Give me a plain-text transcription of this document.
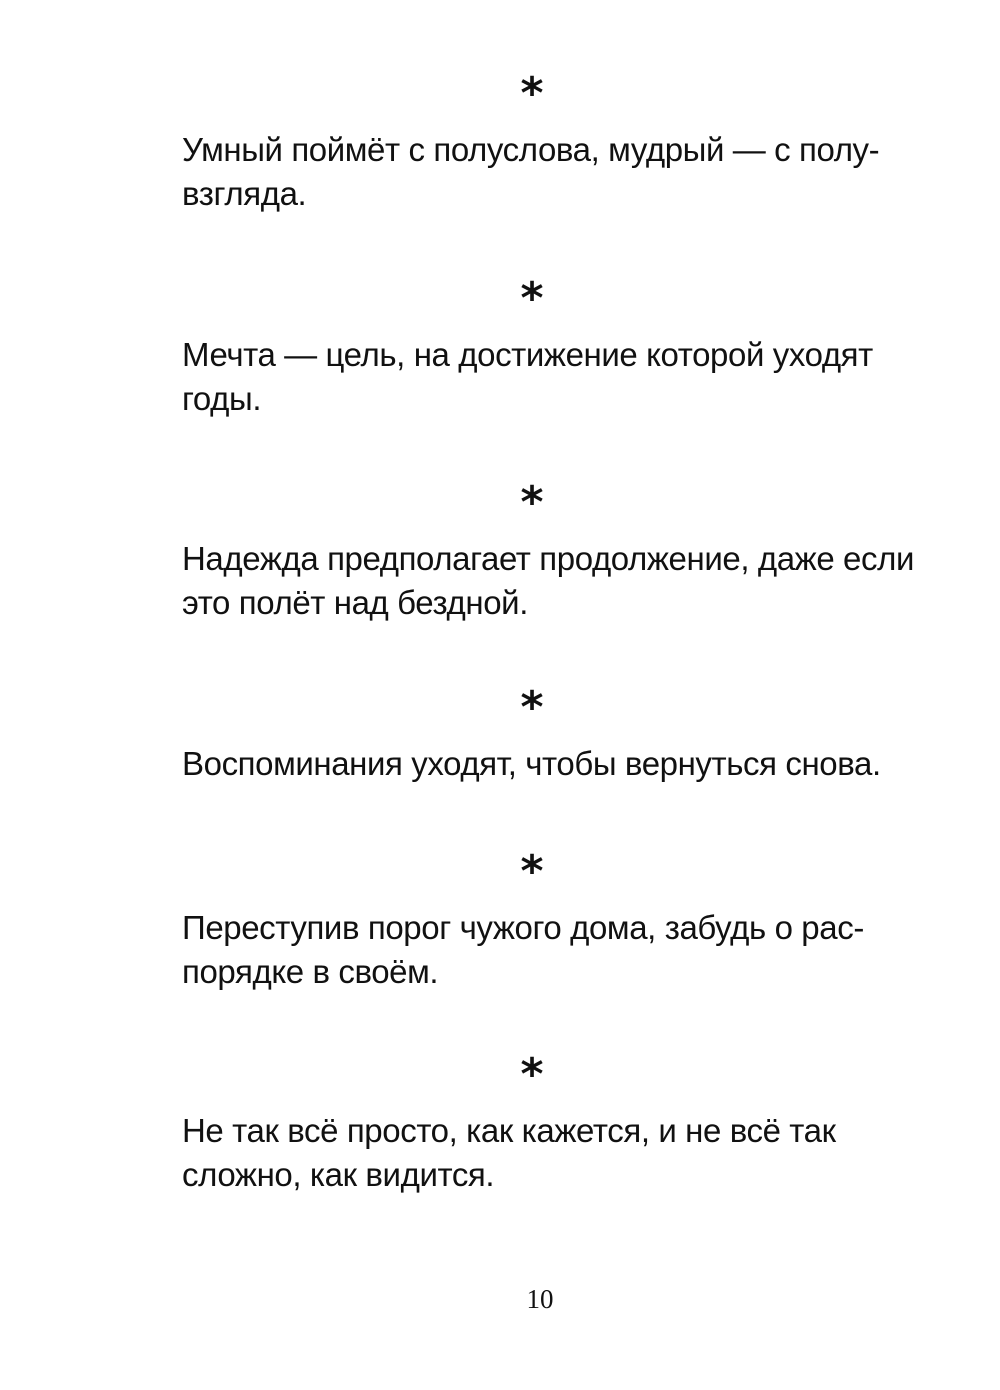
*

Умный поймёт с полуслова, мудрый — с полу-
взгляда.

*

Мечта — цель, на достижение которой уходят
годы.

*

Надежда предполагает продолжение, даже если
это полёт над бездной.

*

Воспоминания уходят, чтобы вернуться снова.

*

Переступив порог чужого дома, забудь о рас-
порядке в своём.

*

Не так всё просто, как кажется, и не всё так
сложно, как видится.

10
